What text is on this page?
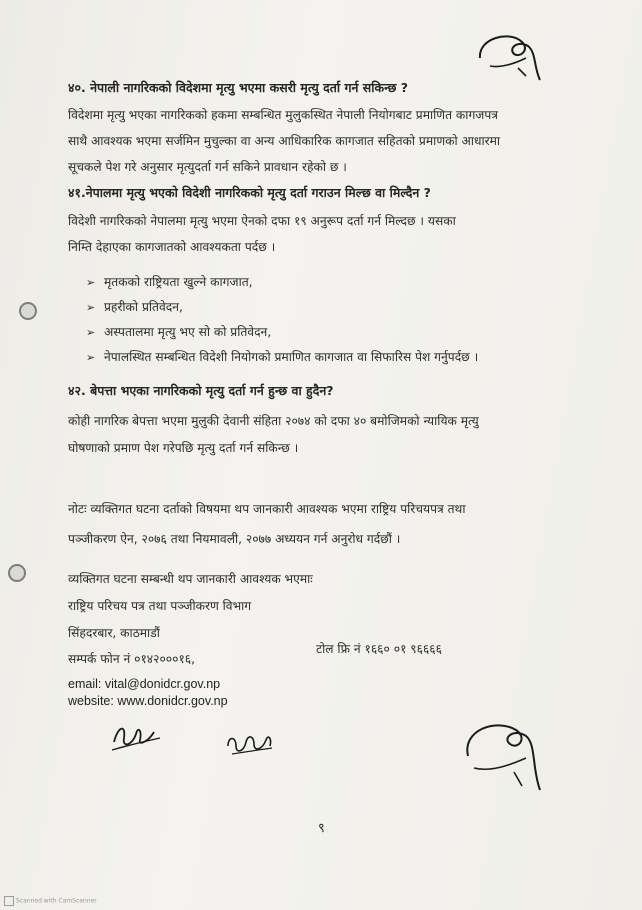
४०. नेपाली नागरिकको विदेशमा मृत्यु भएमा कसरी मृत्यु दर्ता गर्न सकिन्छ ?
विदेशमा मृत्यु भएका नागरिकको हकमा सम्बन्धित मुलुकस्थित नेपाली नियोगबाट प्रमाणित कागजपत्र
साथै आवश्यक भएमा सर्जमिन मुचुल्का वा अन्य आधिकारिक कागजात सहितको प्रमाणको आधारमा
सूचकले पेश गरे अनुसार मृत्युदर्ता गर्न सकिने प्रावधान रहेको छ ।
४१.नेपालमा मृत्यु भएको विदेशी नागरिकको मृत्यु दर्ता गराउन मिल्छ वा मिल्दैन ?
विदेशी नागरिकको नेपालमा मृत्यु भएमा ऐनको दफा १९ अनुरूप दर्ता गर्न मिल्दछ । यसका
निम्ति देहाएका कागजातको आवश्यकता पर्दछ ।
➢ मृतकको राष्ट्रियता खुल्ने कागजात,
➢ प्रहरीको प्रतिवेदन,
➢ अस्पतालमा मृत्यु भए सो को प्रतिवेदन,
➢ नेपालस्थित सम्बन्धित विदेशी नियोगको प्रमाणित कागजात वा सिफारिस पेश गर्नुपर्दछ ।
४२. बेपत्ता भएका नागरिकको मृत्यु दर्ता गर्न हुन्छ वा हुदैन?
कोही नागरिक बेपत्ता भएमा मुलुकी देवानी संहिता २०७४ को दफा ४० बमोजिमको न्यायिक मृत्यु
घोषणाको प्रमाण पेश गरेपछि मृत्यु दर्ता गर्न सकिन्छ ।
नोटः व्यक्तिगत घटना दर्ताको विषयमा थप जानकारी आवश्यक भएमा राष्ट्रिय परिचयपत्र तथा
पञ्जीकरण ऐन, २०७६ तथा नियमावली, २०७७ अध्ययन गर्न अनुरोध गर्दछौं ।
व्यक्तिगत घटना सम्बन्धी थप जानकारी आवश्यक भएमाः
राष्ट्रिय परिचय पत्र तथा पञ्जीकरण विभाग
सिंहदरबार, काठमाडौं
सम्पर्क फोन नं ०१४२०००१६,
टोल फ्रि नं १६६० ०१ ९६६६६
email: vital@donidcr.gov.np
website: www.donidcr.gov.np
९
Scanned with CamScanner
